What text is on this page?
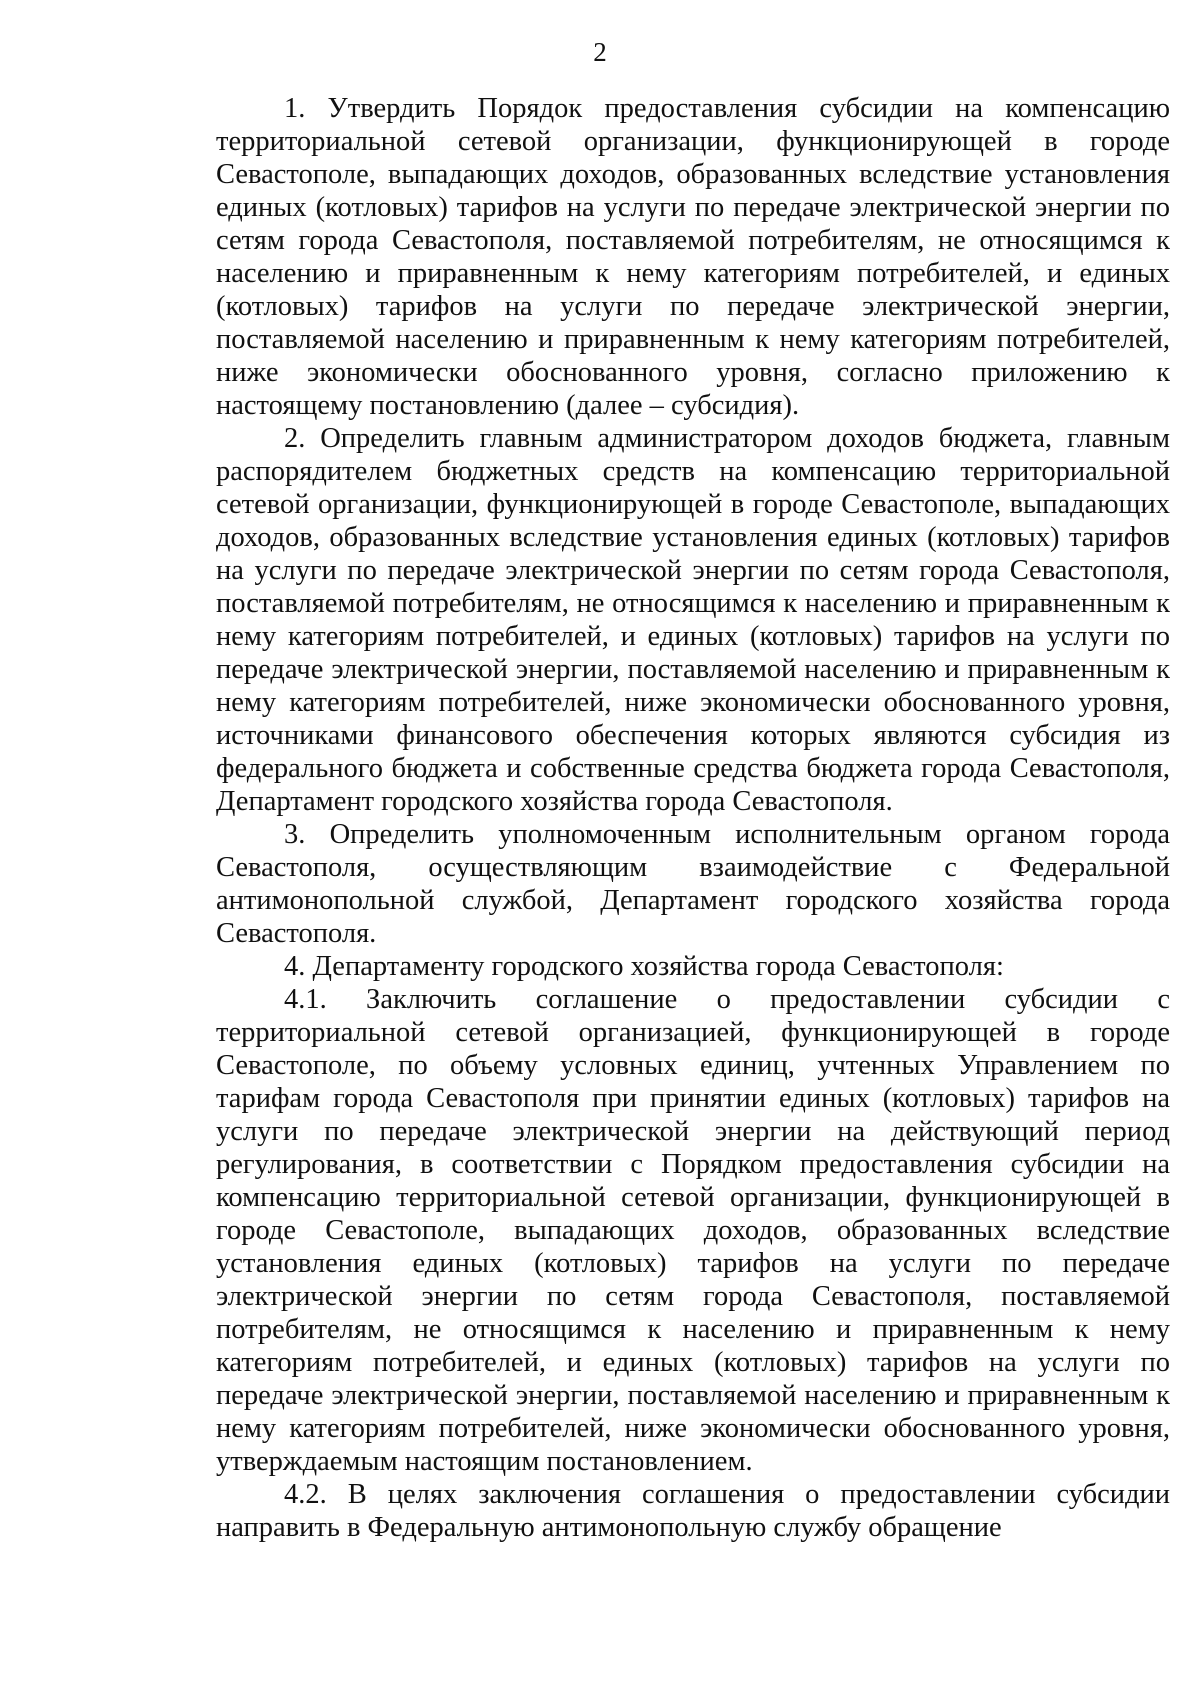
2

1. Утвердить Порядок предоставления субсидии на компенсацию территориальной сетевой организации, функционирующей в городе Севастополе, выпадающих доходов, образованных вследствие установления единых (котловых) тарифов на услуги по передаче электрической энергии по сетям города Севастополя, поставляемой потребителям, не относящимся к населению и приравненным к нему категориям потребителей, и единых (котловых) тарифов на услуги по передаче электрической энергии, поставляемой населению и приравненным к нему категориям потребителей, ниже экономически обоснованного уровня, согласно приложению к настоящему постановлению (далее – субсидия).

2. Определить главным администратором доходов бюджета, главным распорядителем бюджетных средств на компенсацию территориальной сетевой организации, функционирующей в городе Севастополе, выпадающих доходов, образованных вследствие установления единых (котловых) тарифов на услуги по передаче электрической энергии по сетям города Севастополя, поставляемой потребителям, не относящимся к населению и приравненным к нему категориям потребителей, и единых (котловых) тарифов на услуги по передаче электрической энергии, поставляемой населению и приравненным к нему категориям потребителей, ниже экономически обоснованного уровня, источниками финансового обеспечения которых являются субсидия из федерального бюджета и собственные средства бюджета города Севастополя, Департамент городского хозяйства города Севастополя.

3. Определить уполномоченным исполнительным органом города Севастополя, осуществляющим взаимодействие с Федеральной антимонопольной службой, Департамент городского хозяйства города Севастополя.

4. Департаменту городского хозяйства города Севастополя:

4.1. Заключить соглашение о предоставлении субсидии с территориальной сетевой организацией, функционирующей в городе Севастополе, по объему условных единиц, учтенных Управлением по тарифам города Севастополя при принятии единых (котловых) тарифов на услуги по передаче электрической энергии на действующий период регулирования, в соответствии с Порядком предоставления субсидии на компенсацию территориальной сетевой организации, функционирующей в городе Севастополе, выпадающих доходов, образованных вследствие установления единых (котловых) тарифов на услуги по передаче электрической энергии по сетям города Севастополя, поставляемой потребителям, не относящимся к населению и приравненным к нему категориям потребителей, и единых (котловых) тарифов на услуги по передаче электрической энергии, поставляемой населению и приравненным к нему категориям потребителей, ниже экономически обоснованного уровня, утверждаемым настоящим постановлением.

4.2. В целях заключения соглашения о предоставлении субсидии направить в Федеральную антимонопольную службу обращение
